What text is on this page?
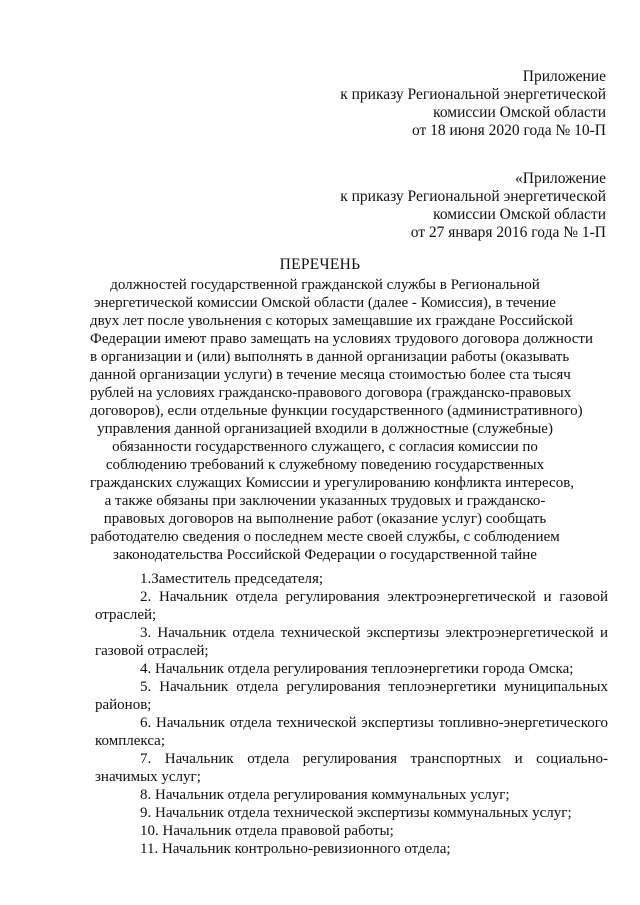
Приложение
к приказу Региональной энергетической
комиссии Омской области
от 18 июня 2020 года № 10-П
«Приложение
к приказу Региональной энергетической
комиссии Омской области
от 27 января 2016 года № 1-П
ПЕРЕЧЕНЬ
должностей государственной гражданской службы в Региональной
энергетической комиссии Омской области (далее - Комиссия), в течение
двух лет после увольнения с которых замещавшие их граждане Российской
Федерации имеют право замещать на условиях трудового договора должности
в организации и (или) выполнять в данной организации работы (оказывать
данной организации услуги) в течение месяца стоимостью более ста тысяч
рублей на условиях гражданско-правового договора (гражданско-правовых
договоров), если отдельные функции государственного (административного)
управления данной организацией входили в должностные (служебные)
обязанности государственного служащего, с согласия комиссии по
соблюдению требований к служебному поведению государственных
гражданских служащих Комиссии и урегулированию конфликта интересов,
а также обязаны при заключении указанных трудовых и гражданско-
правовых договоров на выполнение работ (оказание услуг) сообщать
работодателю сведения о последнем месте своей службы, с соблюдением
законодательства Российской Федерации о государственной тайне
1.Заместитель председателя;
2. Начальник отдела регулирования электроэнергетической и газовой отраслей;
3. Начальник отдела технической экспертизы электроэнергетической и газовой отраслей;
4. Начальник отдела регулирования теплоэнергетики города Омска;
5. Начальник отдела регулирования теплоэнергетики муниципальных районов;
6. Начальник отдела технической экспертизы топливно-энергетического комплекса;
7. Начальник отдела регулирования транспортных и социально-значимых услуг;
8. Начальник отдела регулирования коммунальных услуг;
9. Начальник отдела технической экспертизы коммунальных услуг;
10. Начальник отдела правовой работы;
11. Начальник контрольно-ревизионного отдела;
